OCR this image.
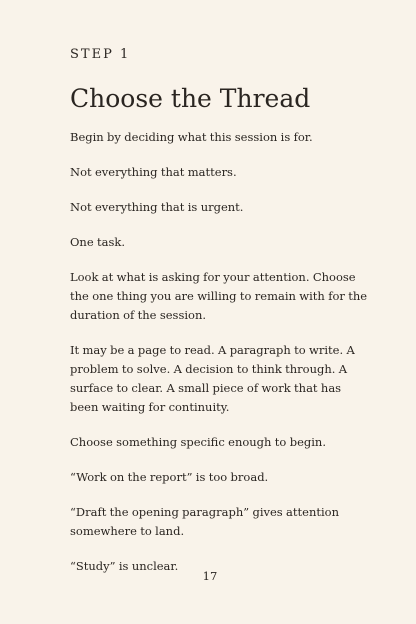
STEP 1
Choose the Thread

Begin by deciding what this session is for.

Not everything that matters.

Not everything that is urgent.

One task.

Look at what is asking for your attention. Choose the one thing you are willing to remain with for the duration of the session.

It may be a page to read. A paragraph to write. A problem to solve. A decision to think through. A surface to clear. A small piece of work that has been waiting for continuity.

Choose something specific enough to begin.

“Work on the report” is too broad.

“Draft the opening paragraph” gives attention somewhere to land.

“Study” is unclear.

17
